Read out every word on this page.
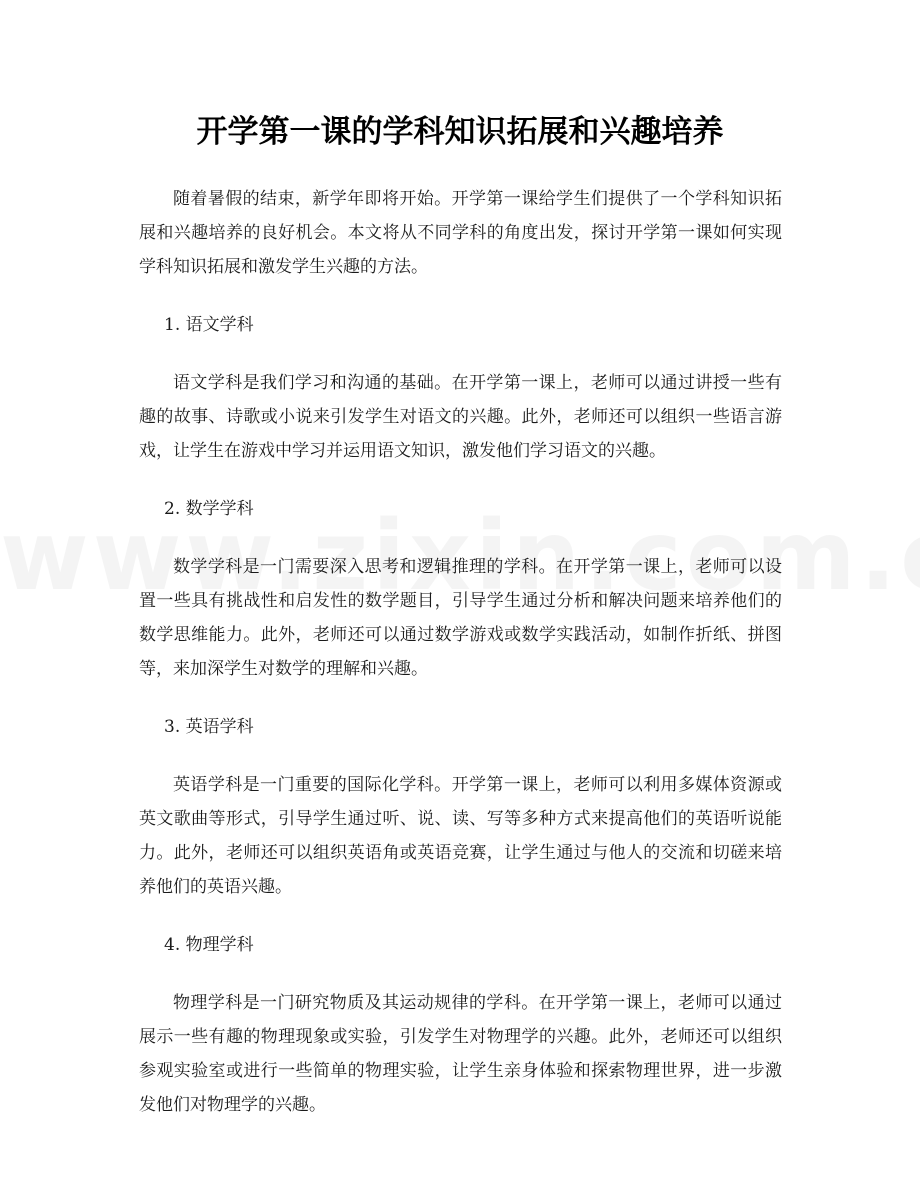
开学第一课的学科知识拓展和兴趣培养

随着暑假的结束，新学年即将开始。开学第一课给学生们提供了一个学科知识拓展和兴趣培养的良好机会。本文将从不同学科的角度出发，探讨开学第一课如何实现学科知识拓展和激发学生兴趣的方法。

1. 语文学科

语文学科是我们学习和沟通的基础。在开学第一课上，老师可以通过讲授一些有趣的故事、诗歌或小说来引发学生对语文的兴趣。此外，老师还可以组织一些语言游戏，让学生在游戏中学习并运用语文知识，激发他们学习语文的兴趣。

2. 数学学科

数学学科是一门需要深入思考和逻辑推理的学科。在开学第一课上，老师可以设置一些具有挑战性和启发性的数学题目，引导学生通过分析和解决问题来培养他们的数学思维能力。此外，老师还可以通过数学游戏或数学实践活动，如制作折纸、拼图等，来加深学生对数学的理解和兴趣。

3. 英语学科

英语学科是一门重要的国际化学科。开学第一课上，老师可以利用多媒体资源或英文歌曲等形式，引导学生通过听、说、读、写等多种方式来提高他们的英语听说能力。此外，老师还可以组织英语角或英语竞赛，让学生通过与他人的交流和切磋来培养他们的英语兴趣。

4. 物理学科

物理学科是一门研究物质及其运动规律的学科。在开学第一课上，老师可以通过展示一些有趣的物理现象或实验，引发学生对物理学的兴趣。此外，老师还可以组织参观实验室或进行一些简单的物理实验，让学生亲身体验和探索物理世界，进一步激发他们对物理学的兴趣。
